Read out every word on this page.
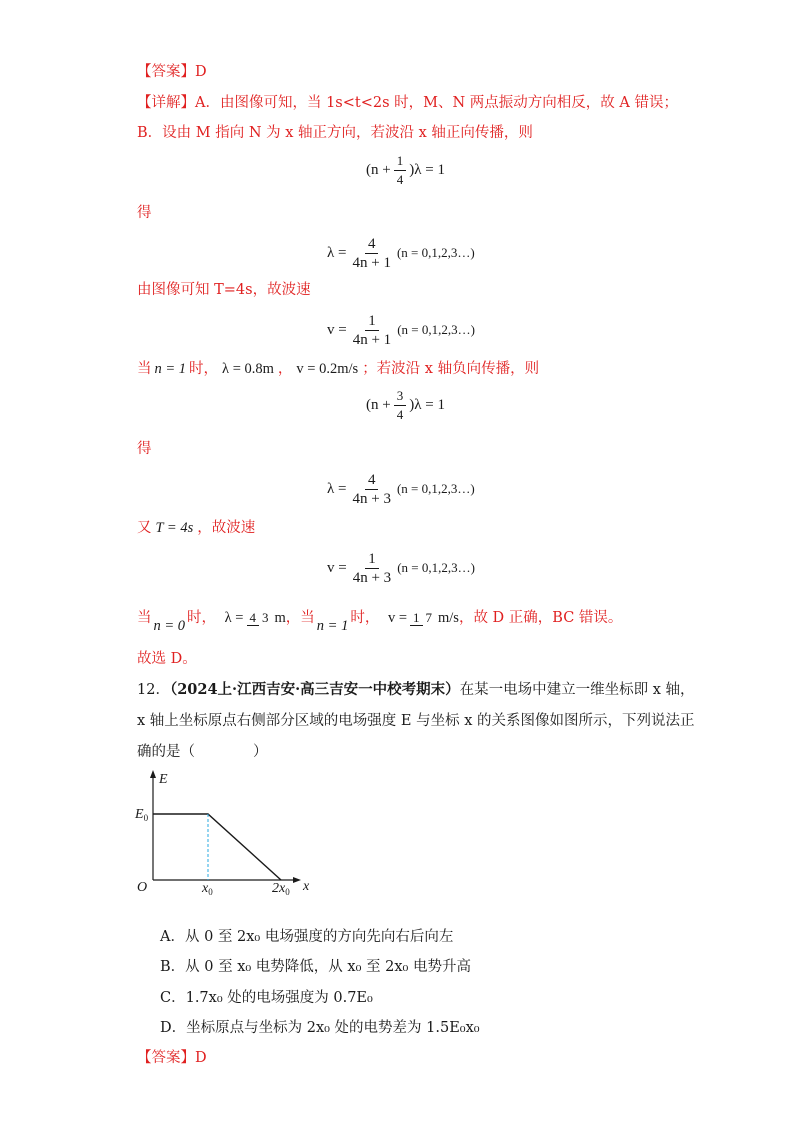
【答案】D
【详解】A．由图像可知，当 1s<t<2s 时，M、N 两点振动方向相反，故 A 错误；
B．设由 M 指向 N 为 x 轴正方向，若波沿 x 轴正向传播，则
$(n + \frac{1}{4} )\lambda = 1$
得
$\lambda = \frac{4}{4n + 1} (n$ = 0,1,2,3…)
由图像可知 T=4s，故波速
$v = \frac{1}{4n + 1} (n$ = 0,1,2,3…)
当 n = 1 时， λ = 0.8m ， v = 0.2m/s ；若波沿 x 轴负向传播，则
$(n + \frac{3}{4} )\lambda = 1$
得
$\lambda = \frac{4}{4n + 3} (n$ = 0,1,2,3…)
又 T = 4s ，故波速
$v = \frac{1}{4n + 3} (n$ = 0,1,2,3…)
当 n = 0 时， λ = 4 3 m，当 n = 1 时， v = 1 7 m/s，故 D 正确，BC 错误。
故选 D。
12．（2024上·江西吉安·高三吉安一中校考期末）在某一电场中建立一维坐标即 x 轴，
x 轴上坐标原点右侧部分区域的电场强度 E 与坐标 x 的关系图像如图所示，下列说法正
确的是（　　　　）
E
x
O
$E_0$
$x_0$	$2x_0$
A．从 0 至 2x₀ 电场强度的方向先向右后向左
B．从 0 至 x₀ 电势降低，从 x₀ 至 2x₀ 电势升高
C．1.7x₀ 处的电场强度为 0.7E₀
D．坐标原点与坐标为 2x₀ 处的电势差为 1.5E₀x₀
【答案】D
